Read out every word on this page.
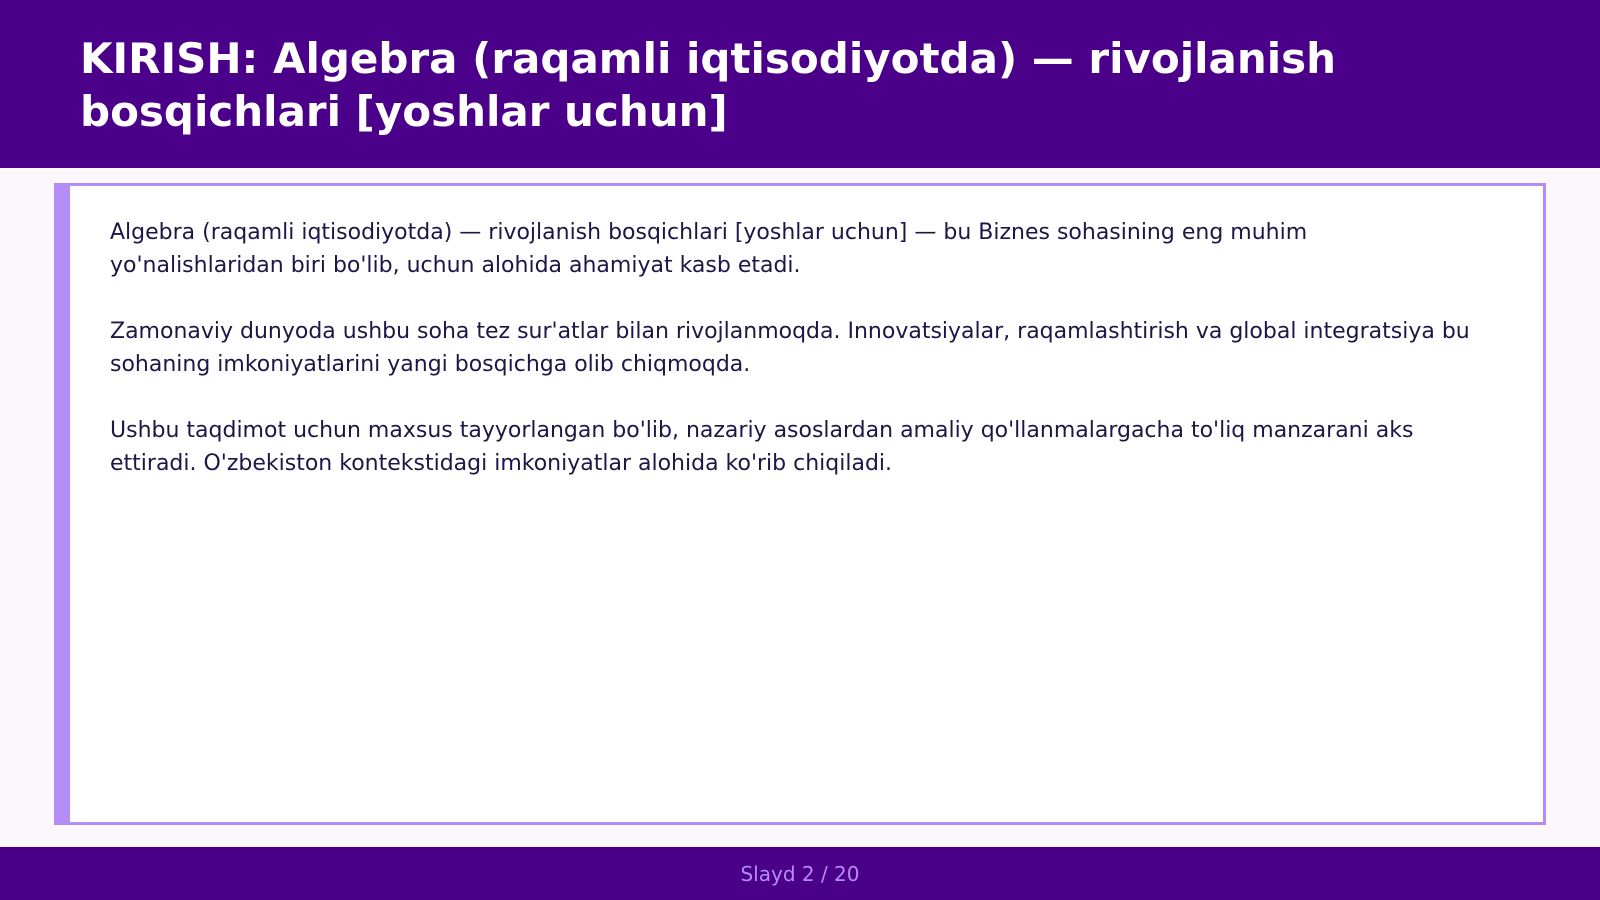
KIRISH: Algebra (raqamli iqtisodiyotda) — rivojlanish bosqichlari [yoshlar uchun]

Algebra (raqamli iqtisodiyotda) — rivojlanish bosqichlari [yoshlar uchun] — bu Biznes sohasining eng muhim yo'nalishlaridan biri bo'lib, uchun alohida ahamiyat kasb etadi.

Zamonaviy dunyoda ushbu soha tez sur'atlar bilan rivojlanmoqda. Innovatsiyalar, raqamlashtirish va global integratsiya bu sohaning imkoniyatlarini yangi bosqichga olib chiqmoqda.

Ushbu taqdimot uchun maxsus tayyorlangan bo'lib, nazariy asoslardan amaliy qo'llanmalargacha to'liq manzarani aks ettiradi. O'zbekiston kontekstidagi imkoniyatlar alohida ko'rib chiqiladi.

Slayd 2 / 20
